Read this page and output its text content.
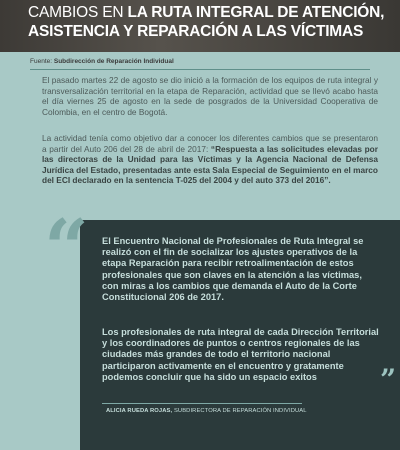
CAMBIOS EN LA RUTA INTEGRAL DE ATENCIÓN,
ASISTENCIA Y REPARACIÓN A LAS VÍCTIMAS
Fuente: Subdirección de Reparación Individual

El pasado martes 22 de agosto se dio inició a la formación de los equipos de ruta integral y transversalización territorial en la etapa de Reparación, actividad que se llevó acabo hasta el día viernes 25 de agosto en la sede de posgrados de la Universidad Cooperativa de Colombia, en el centro de Bogotá.

La actividad tenía como objetivo dar a conocer los diferentes cambios que se presentaron a partir del Auto 206 del 28 de abril de 2017: “Respuesta a las solicitudes elevadas por las directoras de la Unidad para las Víctimas y la Agencia Nacional de Defensa Jurídica del Estado, presentadas ante esta Sala Especial de Seguimiento en el marco del ECI declarado en la sentencia T-025 del 2004 y del auto 373 del 2016”.

“ El Encuentro Nacional de Profesionales de Ruta Integral se realizó con el fin de socializar los ajustes operativos de la etapa Reparación para recibir retroalimentación de estos profesionales que son claves en la atención a las víctimas, con miras a los cambios que demanda el Auto de la Corte Constitucional 206 de 2017.

Los profesionales de ruta integral de cada Dirección Territorial y los coordinadores de puntos o centros regionales de las ciudades más grandes de todo el territorio nacional participaron activamente en el encuentro y gratamente podemos concluir que ha sido un espacio exitos	”
ALICIA RUEDA ROJAS, SUBDIRECTORA DE REPARACIÓN INDIVIDUAL
